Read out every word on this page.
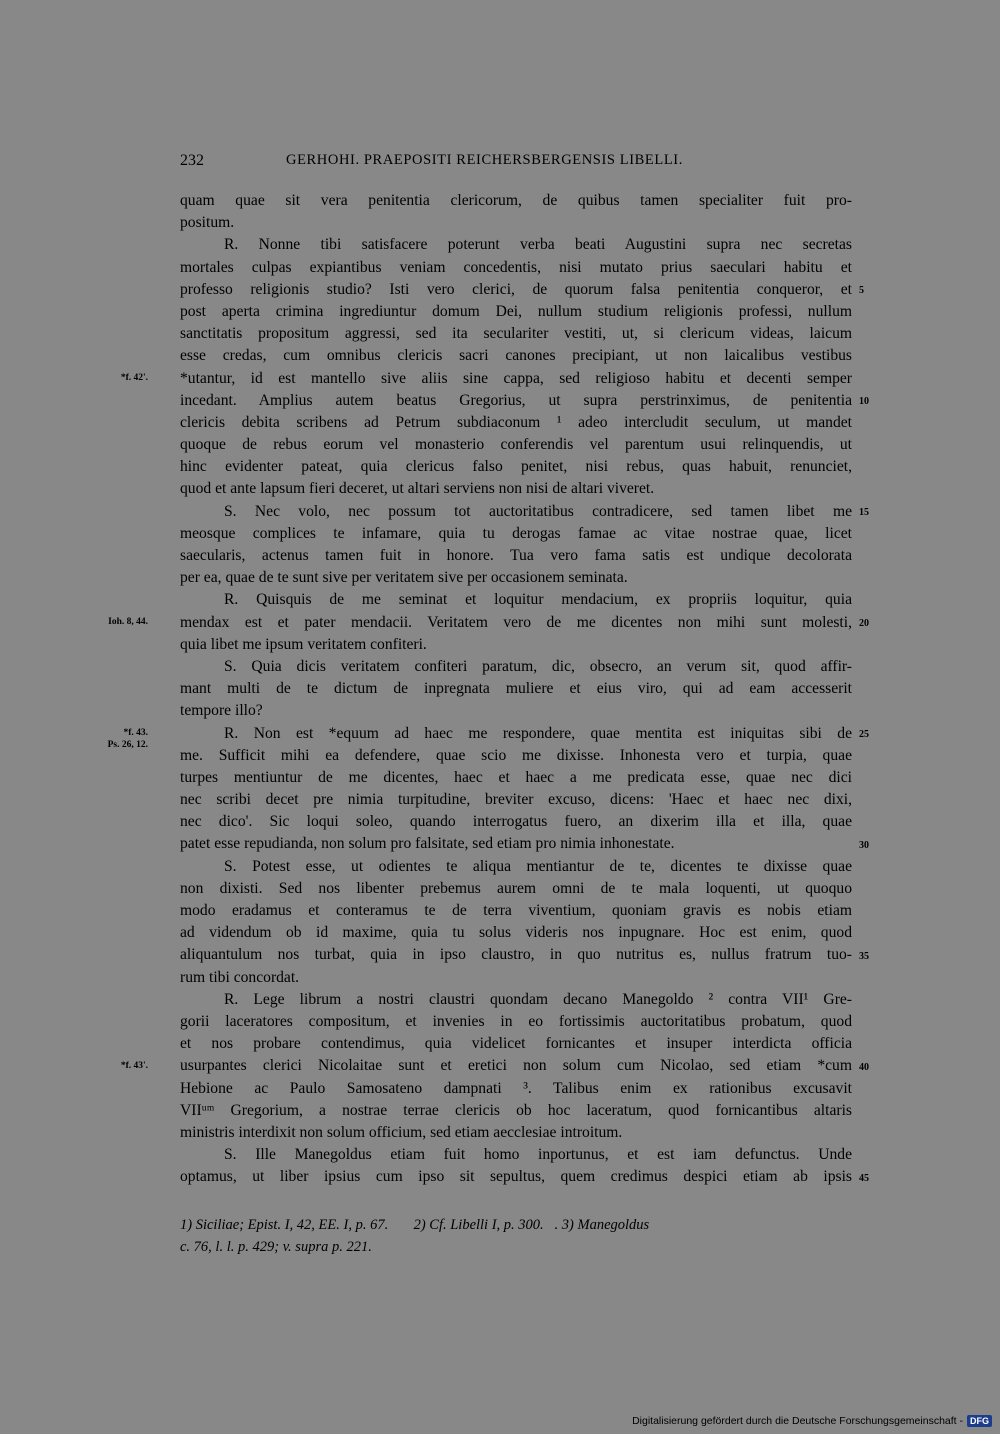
232	GERHOHI. PRAEPOSITI REICHERSBERGENSIS LIBELLI.
quam quae sit vera penitentia clericorum, de quibus tamen specialiter fuit pro-
positum.
R. Nonne tibi satisfacere poterunt verba beati Augustini supra nec secretas
mortales culpas expiantibus veniam concedentis, nisi mutato prius saeculari habitu et
professo religionis studio? Isti vero clerici, de quorum falsa penitentia conqueror, et
post aperta crimina ingrediuntur domum Dei, nullum studium religionis professi, nullum
sanctitatis propositum aggressi, sed ita seculariter vestiti, ut, si clericum videas, laicum
esse credas, cum omnibus clericis sacri canones precipiant, ut non laicalibus vestibus
*utantur, id est mantello sive aliis sine cappa, sed religioso habitu et decenti semper
incedant. Amplius autem beatus Gregorius, ut supra perstrinximus, de penitentia
clericis debita scribens ad Petrum subdiaconum ¹ adeo intercludit seculum, ut mandet
quoque de rebus eorum vel monasterio conferendis vel parentum usui relinquendis, ut
hinc evidenter pateat, quia clericus falso penitet, nisi rebus, quas habuit, renunciet,
quod et ante lapsum fieri deceret, ut altari serviens non nisi de altari viveret.
S. Nec volo, nec possum tot auctoritatibus contradicere, sed tamen libet me
meosque complices te infamare, quia tu derogas famae ac vitae nostrae quae, licet
saecularis, actenus tamen fuit in honore. Tua vero fama satis est undique decolorata
per ea, quae de te sunt sive per veritatem sive per occasionem seminata.
R. Quisquis de me seminat et loquitur mendacium, ex propriis loquitur, quia
mendax est et pater mendacii. Veritatem vero de me dicentes non mihi sunt molesti,
quia libet me ipsum veritatem confiteri.
S. Quia dicis veritatem confiteri paratum, dic, obsecro, an verum sit, quod affir-
mant multi de te dictum de inpregnata muliere et eius viro, qui ad eam accesserit
tempore illo?
R. Non est *equum ad haec me respondere, quae mentita est iniquitas sibi de
me. Sufficit mihi ea defendere, quae scio me dixisse. Inhonesta vero et turpia, quae
turpes mentiuntur de me dicentes, haec et haec a me predicata esse, quae nec dici
nec scribi decet pre nimia turpitudine, breviter excuso, dicens: 'Haec et haec nec dixi,
nec dico'. Sic loqui soleo, quando interrogatus fuero, an dixerim illa et illa, quae
patet esse repudianda, non solum pro falsitate, sed etiam pro nimia inhonestate.
S. Potest esse, ut odientes te aliqua mentiantur de te, dicentes te dixisse quae
non dixisti. Sed nos libenter prebemus aurem omni de te mala loquenti, ut quoquo
modo eradamus et conteramus te de terra viventium, quoniam gravis es nobis etiam
ad videndum ob id maxime, quia tu solus videris nos inpugnare. Hoc est enim, quod
aliquantulum nos turbat, quia in ipso claustro, in quo nutritus es, nullus fratrum tuo-
rum tibi concordat.
R. Lege librum a nostri claustri quondam decano Manegoldo ² contra VII¹ Gre-
gorii laceratores compositum, et invenies in eo fortissimis auctoritatibus probatum, quod
et nos probare contendimus, quia videlicet fornicantes et insuper interdicta officia
usurpantes clerici Nicolaitae sunt et eretici non solum cum Nicolao, sed etiam *cum
Hebione ac Paulo Samosateno dampnati ³. Talibus enim ex rationibus excusavit
VIIᵘᵐ Gregorium, a nostrae terrae clericis ob hoc laceratum, quod fornicantibus altaris
ministris interdixit non solum officium, sed etiam aecclesiae introitum.
S. Ille Manegoldus etiam fuit homo inportunus, et est iam defunctus. Unde
optamus, ut liber ipsius cum ipso sit sepultus, quem credimus despici etiam ab ipsis
5
10
15
20
25
30
35
40
45
*f. 42'.
Ioh. 8, 44.
*f. 43.
Ps. 26, 12.
*f. 43'.
1) Siciliae; Epist. I, 42, EE. I, p. 67.       2) Cf. Libelli I, p. 300.   . 3) Manegoldus
c. 76, l. l. p. 429; v. supra p. 221.
Digitalisierung gefördert durch die Deutsche Forschungsgemeinschaft - DFG
